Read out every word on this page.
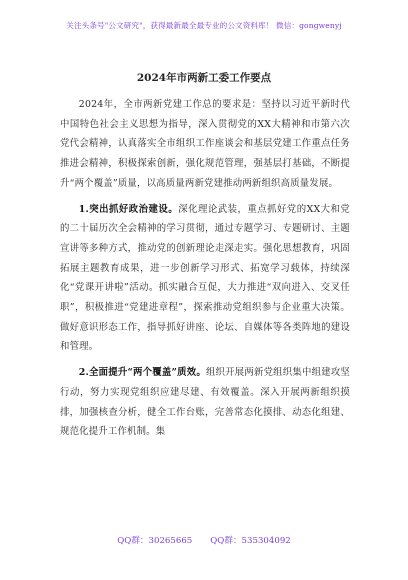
关注头条号"公文研究"，获得最新最全最专业的公文资料库！ 微信：gongwenyj
2024年市两新工委工作要点

2024年，全市两新党建工作总的要求是：坚持以习近平新时代中国特色社会主义思想为指导，深入贯彻党的XX大精神和市第六次党代会精神，认真落实全市组织工作座谈会和基层党建工作重点任务推进会精神，积极探索创新，强化规范管理，强基层打基础，不断提升“两个覆盖”质量，以高质量两新党建推动两新组织高质量发展。

1.突出抓好政治建设。深化理论武装，重点抓好党的XX大和党的二十届历次全会精神的学习贯彻，通过专题学习、专题研讨、主题宣讲等多种方式，推动党的创新理论走深走实。强化思想教育，巩固拓展主题教育成果，进一步创新学习形式、拓宽学习载体，持续深化“党课开讲啦”活动。抓实融合互促，大力推进“双向进入、交叉任职”，积极推进“党建进章程”，探索推动党组织参与企业重大决策。做好意识形态工作，指导抓好讲座、论坛、自媒体等各类阵地的建设和管理。

2.全面提升“两个覆盖”质效。组织开展两新党组织集中组建攻坚行动，努力实现党组织应建尽建、有效覆盖。深入开展两新组织摸排，加强核查分析，健全工作台账，完善常态化摸排、动态化组建、规范化提升工作机制。集

QQ群：30265665 QQ群：535304092
